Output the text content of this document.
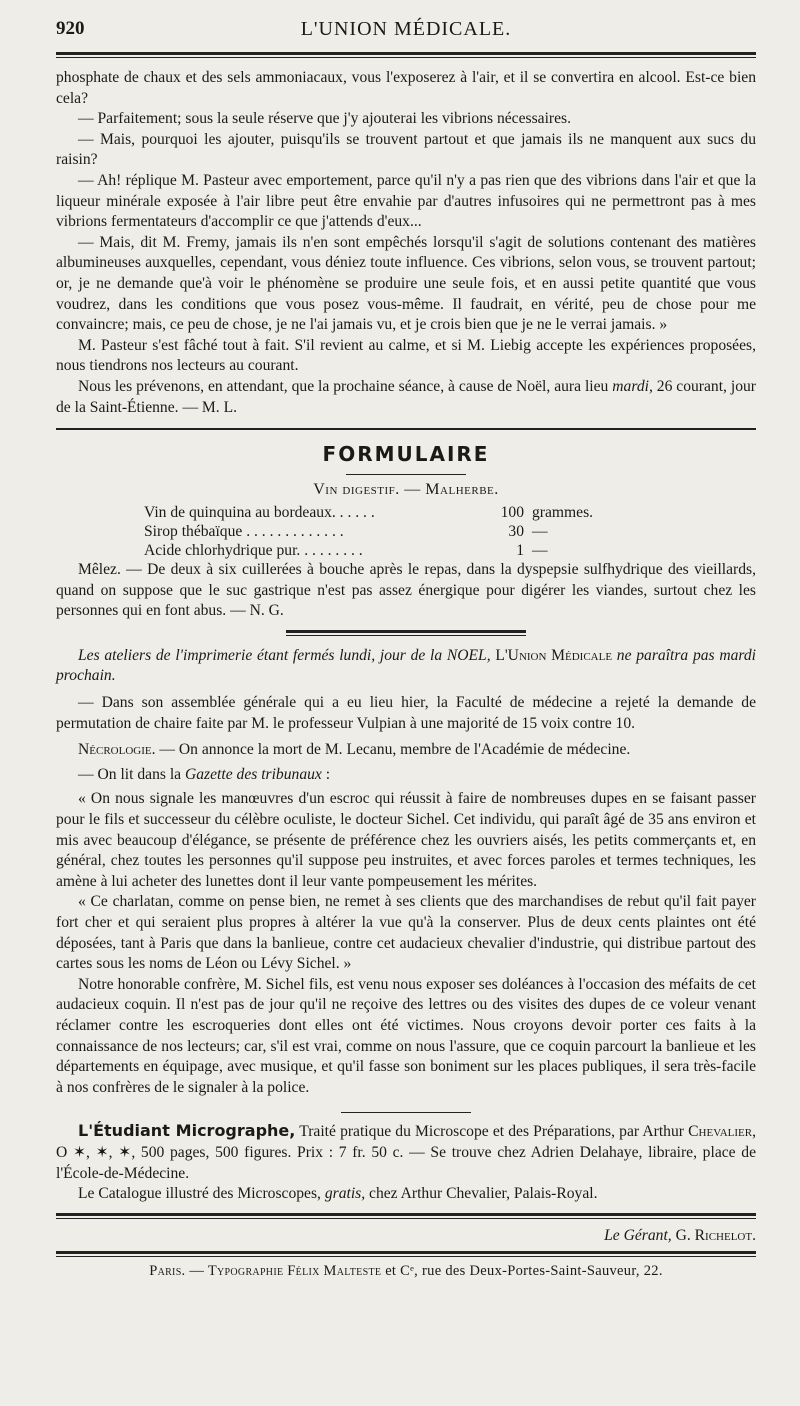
920	L'UNION MÉDICALE.

phosphate de chaux et des sels ammoniacaux, vous l'exposerez à l'air, et il se convertira en alcool. Est-ce bien cela?

— Parfaitement; sous la seule réserve que j'y ajouterai les vibrions nécessaires.

— Mais, pourquoi les ajouter, puisqu'ils se trouvent partout et que jamais ils ne manquent aux sucs du raisin?

— Ah! réplique M. Pasteur avec emportement, parce qu'il n'y a pas rien que des vibrions dans l'air et que la liqueur minérale exposée à l'air libre peut être envahie par d'autres infusoires qui ne permettront pas à mes vibrions fermentateurs d'accomplir ce que j'attends d'eux...

— Mais, dit M. Fremy, jamais ils n'en sont empêchés lorsqu'il s'agit de solutions contenant des matières albumineuses auxquelles, cependant, vous déniez toute influence. Ces vibrions, selon vous, se trouvent partout; or, je ne demande que'à voir le phénomène se produire une seule fois, et en aussi petite quantité que vous voudrez, dans les conditions que vous posez vous-même. Il faudrait, en vérité, peu de chose pour me convaincre; mais, ce peu de chose, je ne l'ai jamais vu, et je crois bien que je ne le verrai jamais. »

M. Pasteur s'est fâché tout à fait. S'il revient au calme, et si M. Liebig accepte les expériences proposées, nous tiendrons nos lecteurs au courant.

Nous les prévenons, en attendant, que la prochaine séance, à cause de Noël, aura lieu mardi, 26 courant, jour de la Saint-Étienne. — M. L.

FORMULAIRE
Vin digestif. — Malherbe.
Vin de quinquina au bordeaux. . . . . .	100	grammes.
Sirop thébaïque . . . . . . . . . . . . .	30	—
Acide chlorhydrique pur. . . . . . . . .	1	—

Mêlez. — De deux à six cuillerées à bouche après le repas, dans la dyspepsie sulfhydrique des vieillards, quand on suppose que le suc gastrique n'est pas assez énergique pour digérer les viandes, surtout chez les personnes qui en font abus. — N. G.

Les ateliers de l'imprimerie étant fermés lundi, jour de la NOEL, L'Union Médicale ne paraîtra pas mardi prochain.

— Dans son assemblée générale qui a eu lieu hier, la Faculté de médecine a rejeté la demande de permutation de chaire faite par M. le professeur Vulpian à une majorité de 15 voix contre 10.

Nécrologie. — On annonce la mort de M. Lecanu, membre de l'Académie de médecine.

— On lit dans la Gazette des tribunaux :

« On nous signale les manœuvres d'un escroc qui réussit à faire de nombreuses dupes en se faisant passer pour le fils et successeur du célèbre oculiste, le docteur Sichel. Cet individu, qui paraît âgé de 35 ans environ et mis avec beaucoup d'élégance, se présente de préférence chez les ouvriers aisés, les petits commerçants et, en général, chez toutes les personnes qu'il suppose peu instruites, et avec forces paroles et termes techniques, les amène à lui acheter des lunettes dont il leur vante pompeusement les mérites.

« Ce charlatan, comme on pense bien, ne remet à ses clients que des marchandises de rebut qu'il fait payer fort cher et qui seraient plus propres à altérer la vue qu'à la conserver. Plus de deux cents plaintes ont été déposées, tant à Paris que dans la banlieue, contre cet audacieux chevalier d'industrie, qui distribue partout des cartes sous les noms de Léon ou Lévy Sichel. »

Notre honorable confrère, M. Sichel fils, est venu nous exposer ses doléances à l'occasion des méfaits de cet audacieux coquin. Il n'est pas de jour qu'il ne reçoive des lettres ou des visites des dupes de ce voleur venant réclamer contre les escroqueries dont elles ont été victimes. Nous croyons devoir porter ces faits à la connaissance de nos lecteurs; car, s'il est vrai, comme on nous l'assure, que ce coquin parcourt la banlieue et les départements en équipage, avec musique, et qu'il fasse son boniment sur les places publiques, il sera très-facile à nos confrères de le signaler à la police.

L'Étudiant Micrographe, Traité pratique du Microscope et des Préparations, par Arthur Chevalier, O ✶, ✶, ✶, 500 pages, 500 figures. Prix : 7 fr. 50 c. — Se trouve chez Adrien Delahaye, libraire, place de l'École-de-Médecine.

Le Catalogue illustré des Microscopes, gratis, chez Arthur Chevalier, Palais-Royal.

Le Gérant, G. Richelot.
Paris. — Typographie Félix Malteste et Cᵉ, rue des Deux-Portes-Saint-Sauveur, 22.
